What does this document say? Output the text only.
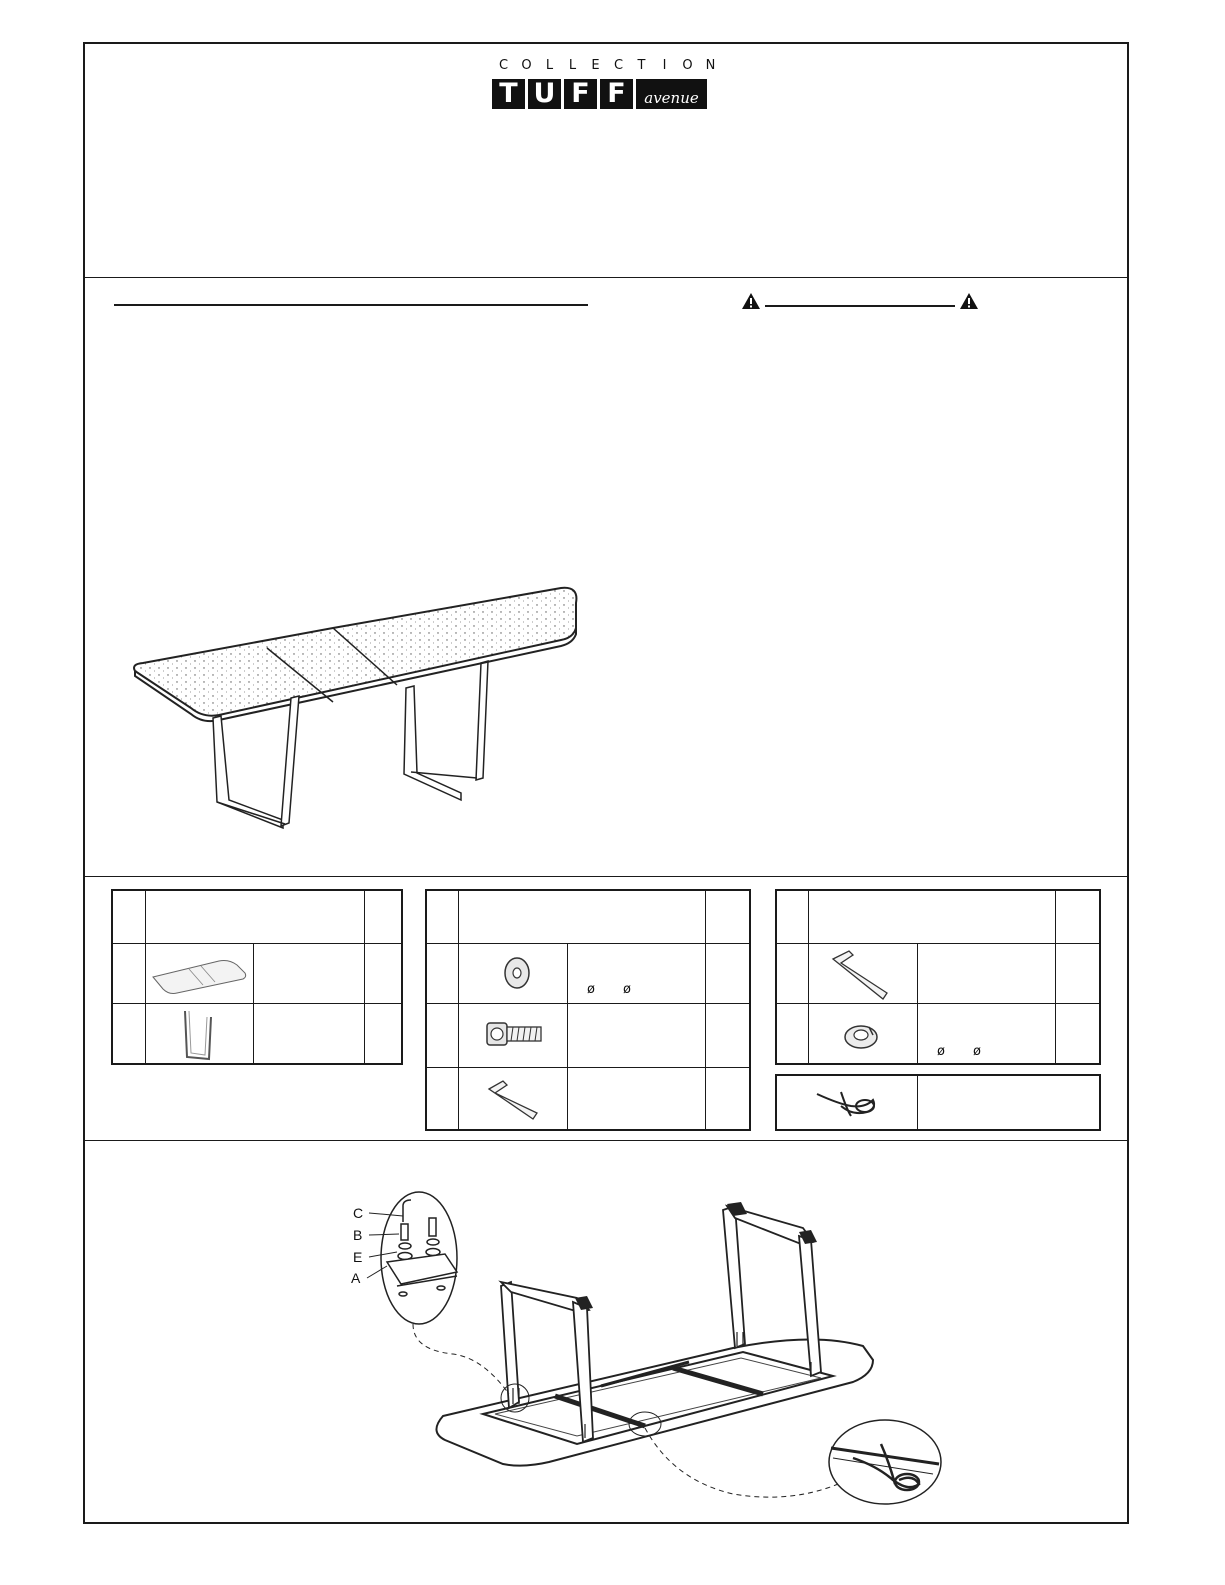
C	O	L	L	E	C	T	I	O	N
T U F F	avenue
ø ø
ø ø
C
B
E
A
